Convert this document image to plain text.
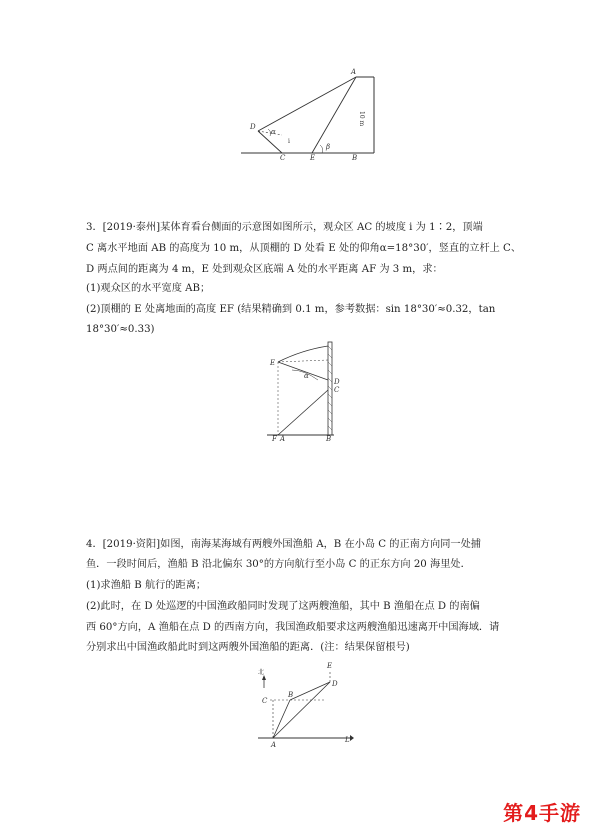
A
D
C	E	B
α
β
i
10 m
3．[2019·泰州]某体育看台侧面的示意图如图所示，观众区 AC 的坡度 i 为 1∶2，顶端
C 离水平地面 AB 的高度为 10 m，从顶棚的 D 处看 E 处的仰角α=18°30′，竖直的立杆上 C、
D 两点间的距离为 4 m，E 处到观众区底端 A 处的水平距离 AF 为 3 m，求：
(1)观众区的水平宽度 AB；
(2)顶棚的 E 处离地面的高度 EF (结果精确到 0.1 m，参考数据：sin 18°30′≈0.32，tan
18°30′≈0.33)
E
D
C
F A	B
α
4．[2019·资阳]如图，南海某海域有两艘外国渔船 A，B 在小岛 C 的正南方向同一处捕
鱼．一段时间后，渔船 B 沿北偏东 30°的方向航行至小岛 C 的正东方向 20 海里处．
(1)求渔船 B 航行的距离；
(2)此时，在 D 处巡逻的中国渔政船同时发现了这两艘渔船，其中 B 渔船在点 D 的南偏
西 60°方向，A 渔船在点 D 的西南方向，我国渔政船要求这两艘渔船迅速离开中国海域．请
分别求出中国渔政船此时到这两艘外国渔船的距离．(注：结果保留根号)
北
E
D
C
B
A
L
第4手游
